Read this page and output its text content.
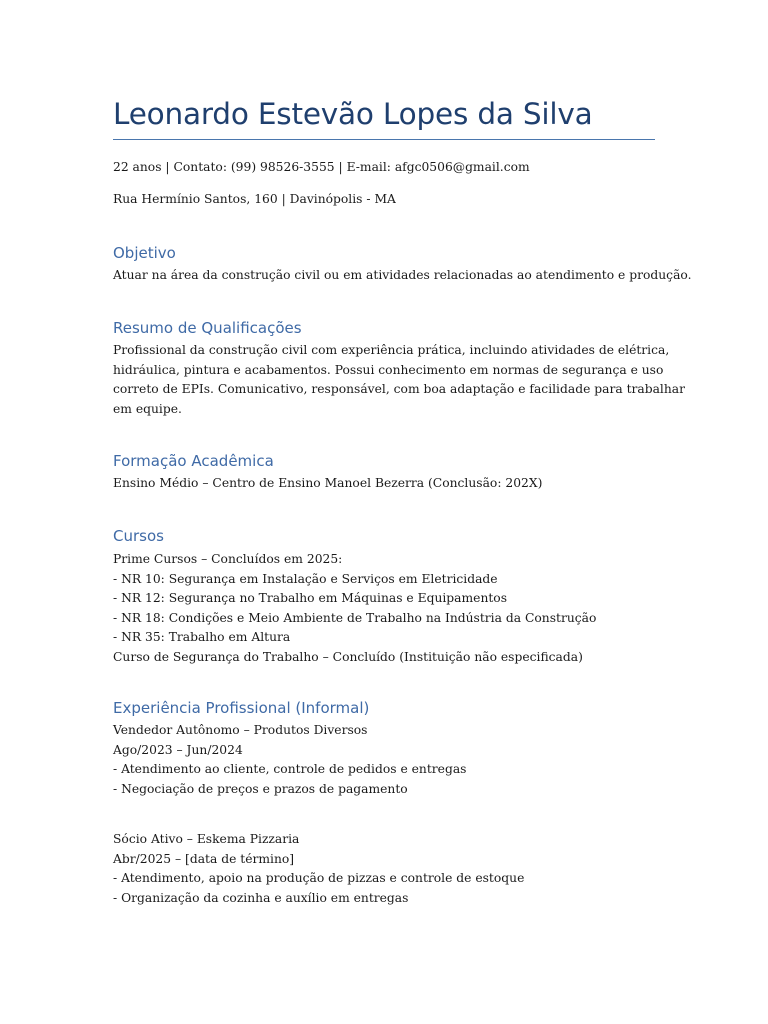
Leonardo Estevão Lopes da Silva
22 anos | Contato: (99) 98526-3555 | E-mail: afgc0506@gmail.com
Rua Hermínio Santos, 160 | Davinópolis - MA
Objetivo
Atuar na área da construção civil ou em atividades relacionadas ao atendimento e produção.
Resumo de Qualificações
Profissional da construção civil com experiência prática, incluindo atividades de elétrica,
hidráulica, pintura e acabamentos. Possui conhecimento em normas de segurança e uso
correto de EPIs. Comunicativo, responsável, com boa adaptação e facilidade para trabalhar
em equipe.
Formação Acadêmica
Ensino Médio – Centro de Ensino Manoel Bezerra (Conclusão: 202X)
Cursos
Prime Cursos – Concluídos em 2025:
- NR 10: Segurança em Instalação e Serviços em Eletricidade
- NR 12: Segurança no Trabalho em Máquinas e Equipamentos
- NR 18: Condições e Meio Ambiente de Trabalho na Indústria da Construção
- NR 35: Trabalho em Altura
Curso de Segurança do Trabalho – Concluído (Instituição não especificada)
Experiência Profissional (Informal)
Vendedor Autônomo – Produtos Diversos
Ago/2023 – Jun/2024
- Atendimento ao cliente, controle de pedidos e entregas
- Negociação de preços e prazos de pagamento
Sócio Ativo – Eskema Pizzaria
Abr/2025 – [data de término]
- Atendimento, apoio na produção de pizzas e controle de estoque
- Organização da cozinha e auxílio em entregas
